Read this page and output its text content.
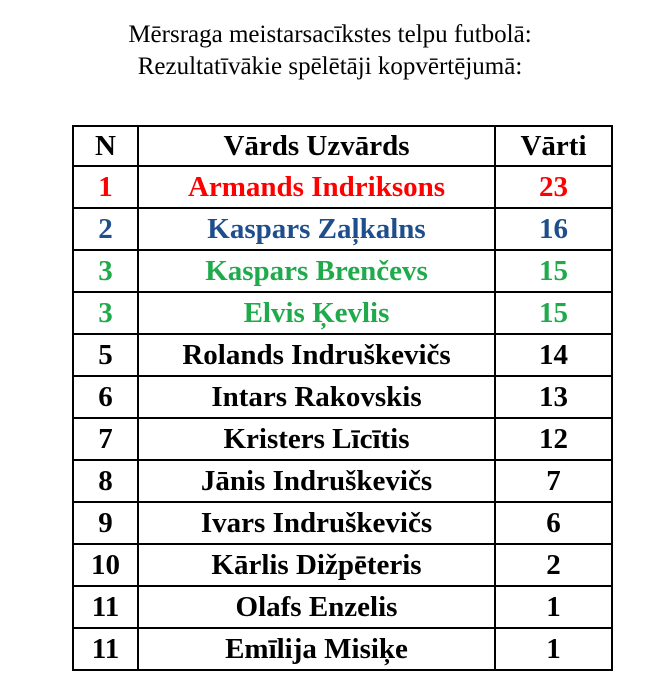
Mērsraga meistarsacīkstes telpu futbolā:
Rezultatīvākie spēlētāji kopvērtējumā:
N	Vārds Uzvārds	Vārti
1	Armands Indriksons	23
2	Kaspars Zaļkalns	16
3	Kaspars Brenčevs	15
3	Elvis Ķevlis	15
5	Rolands Indruškevičs	14
6	Intars Rakovskis	13
7	Kristers Līcītis	12
8	Jānis Indruškevičs	7
9	Ivars Indruškevičs	6
10	Kārlis Dižpēteris	2
11	Olafs Enzelis	1
11	Emīlija Misiķe	1
